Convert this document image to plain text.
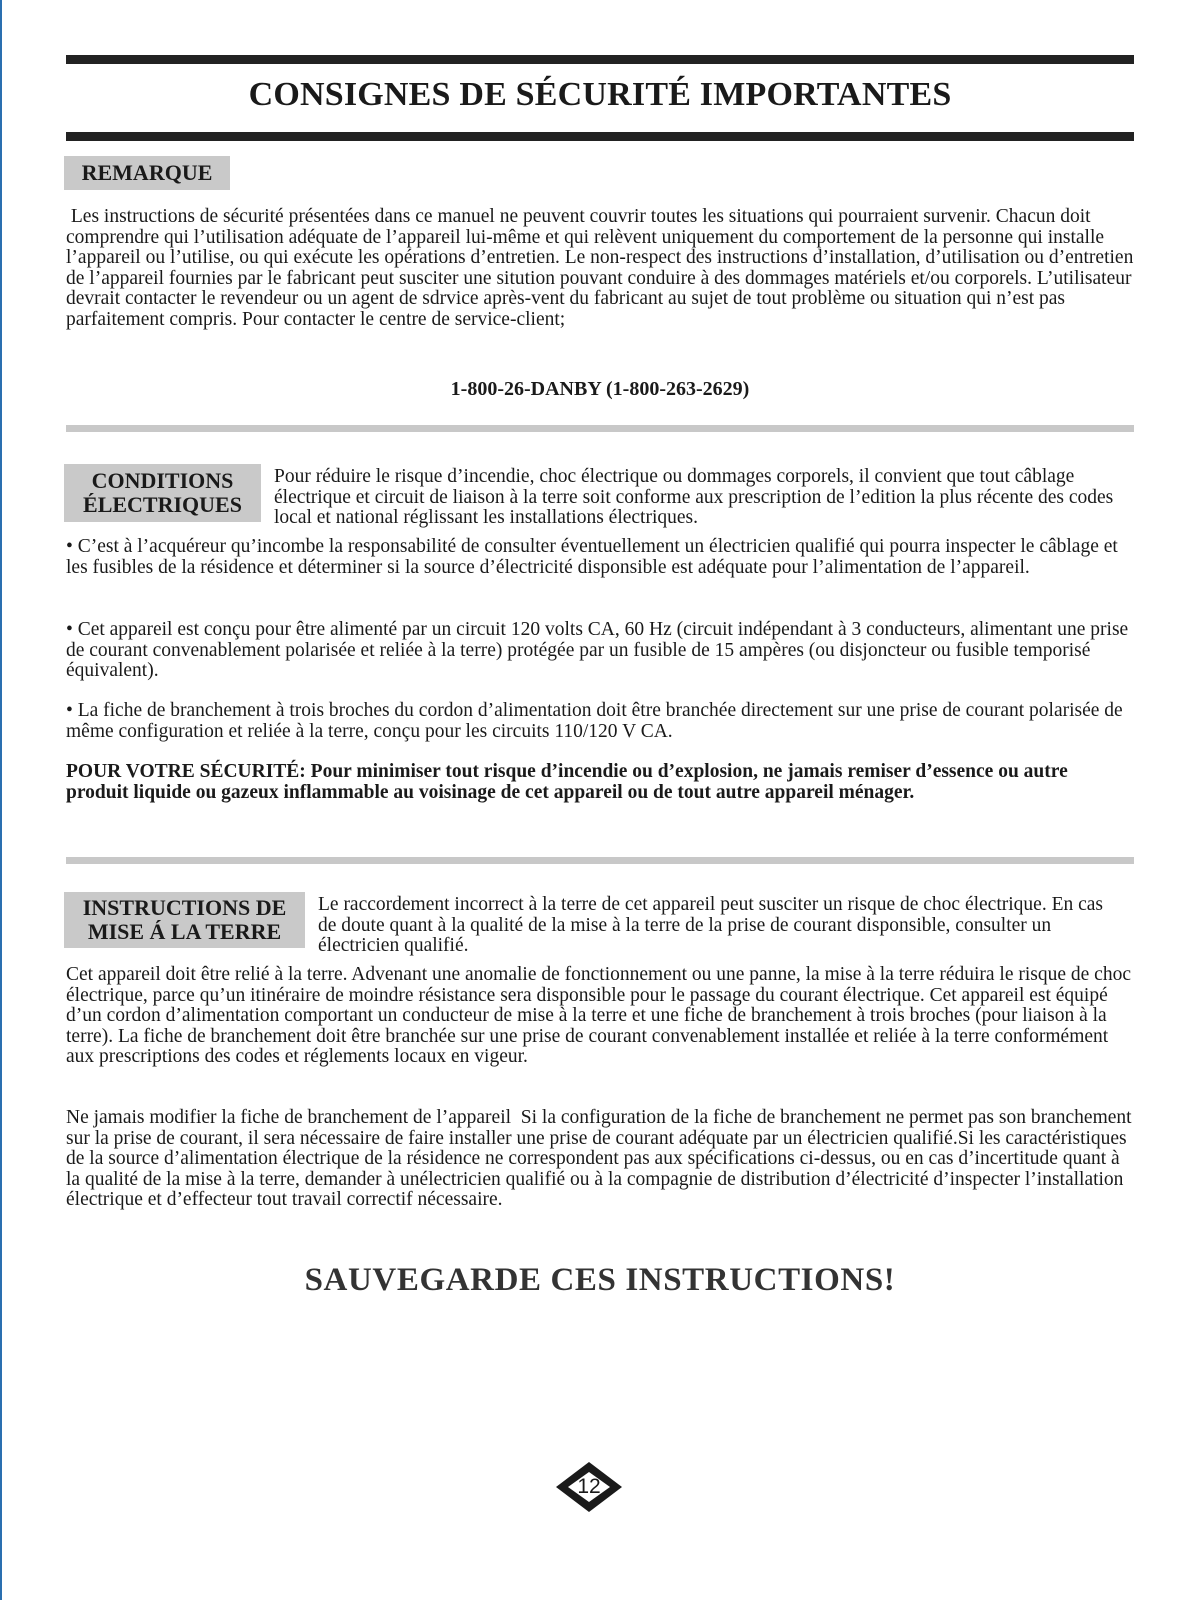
CONSIGNES DE SÉCURITÉ IMPORTANTES
REMARQUE

Les instructions de sécurité présentées dans ce manuel ne peuvent couvrir toutes les situations qui pourraient survenir. Chacun doit comprendre qui l’utilisation adéquate de l’appareil lui-même et qui relèvent uniquement du comportement de la personne qui installe l’appareil ou l’utilise, ou qui exécute les opérations d’entretien. Le non-respect des instructions d’installation, d’utilisation ou d’entretien de l’appareil fournies par le fabricant peut susciter une sitution pouvant conduire à des dommages matériels et/ou corporels. L’utilisateur devrait contacter le revendeur ou un agent de sdrvice après-vent du fabricant au sujet de tout problème ou situation qui n’est pas parfaitement compris. Pour contacter le centre de service-client;

1-800-26-DANBY (1-800-263-2629)
CONDITIONS
ÉLECTRIQUES

Pour réduire le risque d’incendie, choc électrique ou dommages corporels, il convient que tout câblage électrique et circuit de liaison à la terre soit conforme aux prescription de l’edition la plus récente des codes local et national réglissant les installations électriques.

• C’est à l’acquéreur qu’incombe la responsabilité de consulter éventuellement un électricien qualifié qui pourra inspecter le câblage et les fusibles de la résidence et déterminer si la source d’électricité disponsible est adéquate pour l’alimentation de l’appareil.

• Cet appareil est conçu pour être alimenté par un circuit 120 volts CA, 60 Hz (circuit indépendant à 3 conducteurs, alimentant une prise de courant convenablement polarisée et reliée à la terre) protégée par un fusible de 15 ampères (ou disjoncteur ou fusible temporisé équivalent).

• La fiche de branchement à trois broches du cordon d’alimentation doit être branchée directement sur une prise de courant polarisée de même configuration et reliée à la terre, conçu pour les circuits 110/120 V CA.

POUR VOTRE SÉCURITÉ: Pour minimiser tout risque d’incendie ou d’explosion, ne jamais remiser d’essence ou autre produit liquide ou gazeux inflammable au voisinage de cet appareil ou de tout autre appareil ménager.

INSTRUCTIONS DE
MISE Á LA TERRE

Le raccordement incorrect à la terre de cet appareil peut susciter un risque de choc électrique. En cas de doute quant à la qualité de la mise à la terre de la prise de courant disponsible, consulter un électricien qualifié.

Cet appareil doit être relié à la terre. Advenant une anomalie de fonctionnement ou une panne, la mise à la terre réduira le risque de choc électrique, parce qu’un itinéraire de moindre résistance sera disponsible pour le passage du courant électrique. Cet appareil est équipé d’un cordon d’alimentation comportant un conducteur de mise à la terre et une fiche de branchement à trois broches (pour liaison à la terre). La fiche de branchement doit être branchée sur une prise de courant convenablement installée et reliée à la terre conformément aux prescriptions des codes et réglements locaux en vigeur.

Ne jamais modifier la fiche de branchement de l’appareil  Si la configuration de la fiche de branchement ne permet pas son branchement sur la prise de courant, il sera nécessaire de faire installer une prise de courant adéquate par un électricien qualifié.Si les caractéristiques de la source d’alimentation électrique de la résidence ne correspondent pas aux spécifications ci-dessus, ou en cas d’incertitude quant à la qualité de la mise à la terre, demander à unélectricien qualifié ou à la compagnie de distribution d’électricité d’inspecter l’installation électrique et d’effecteur tout travail correctif nécessaire.

SAUVEGARDE CES INSTRUCTIONS!
12
